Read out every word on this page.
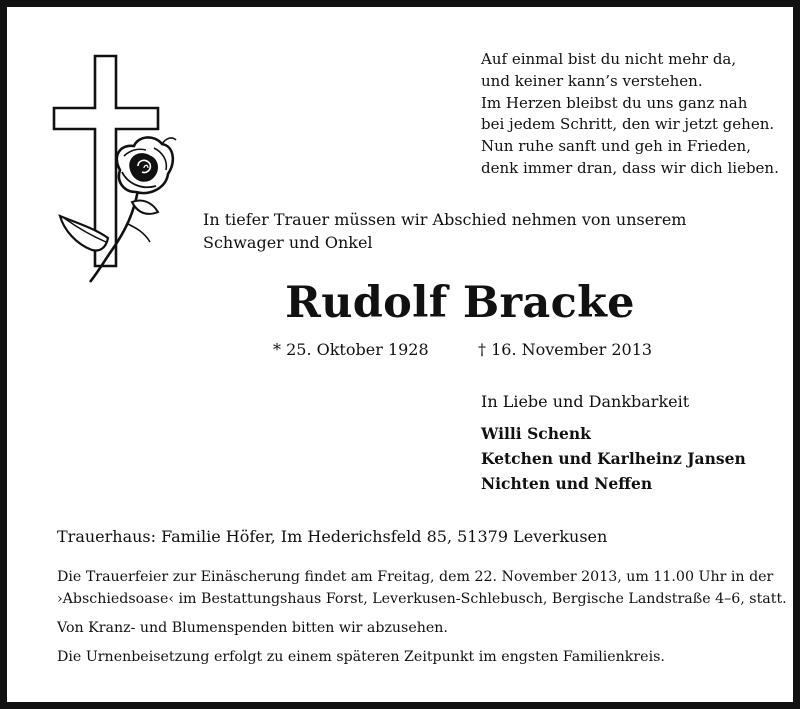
Auf einmal bist du nicht mehr da,
und keiner kann’s verstehen.
Im Herzen bleibst du uns ganz nah
bei jedem Schritt, den wir jetzt gehen.
Nun ruhe sanft und geh in Frieden,
denk immer dran, dass wir dich lieben.
In tiefer Trauer müssen wir Abschied nehmen von unserem Schwager und Onkel
Rudolf Bracke
* 25. Oktober 1928	† 16. November 2013
In Liebe und Dankbarkeit
Willi Schenk
Ketchen und Karlheinz Jansen
Nichten und Neffen
Trauerhaus: Familie Höfer, Im Hederichsfeld 85, 51379 Leverkusen

Die Trauerfeier zur Einäscherung findet am Freitag, dem 22. November 2013, um 11.00 Uhr in der
›Abschiedsoase‹ im Bestattungshaus Forst, Leverkusen-Schlebusch, Bergische Landstraße 4–6, statt.

Von Kranz- und Blumenspenden bitten wir abzusehen.

Die Urnenbeisetzung erfolgt zu einem späteren Zeitpunkt im engsten Familienkreis.
